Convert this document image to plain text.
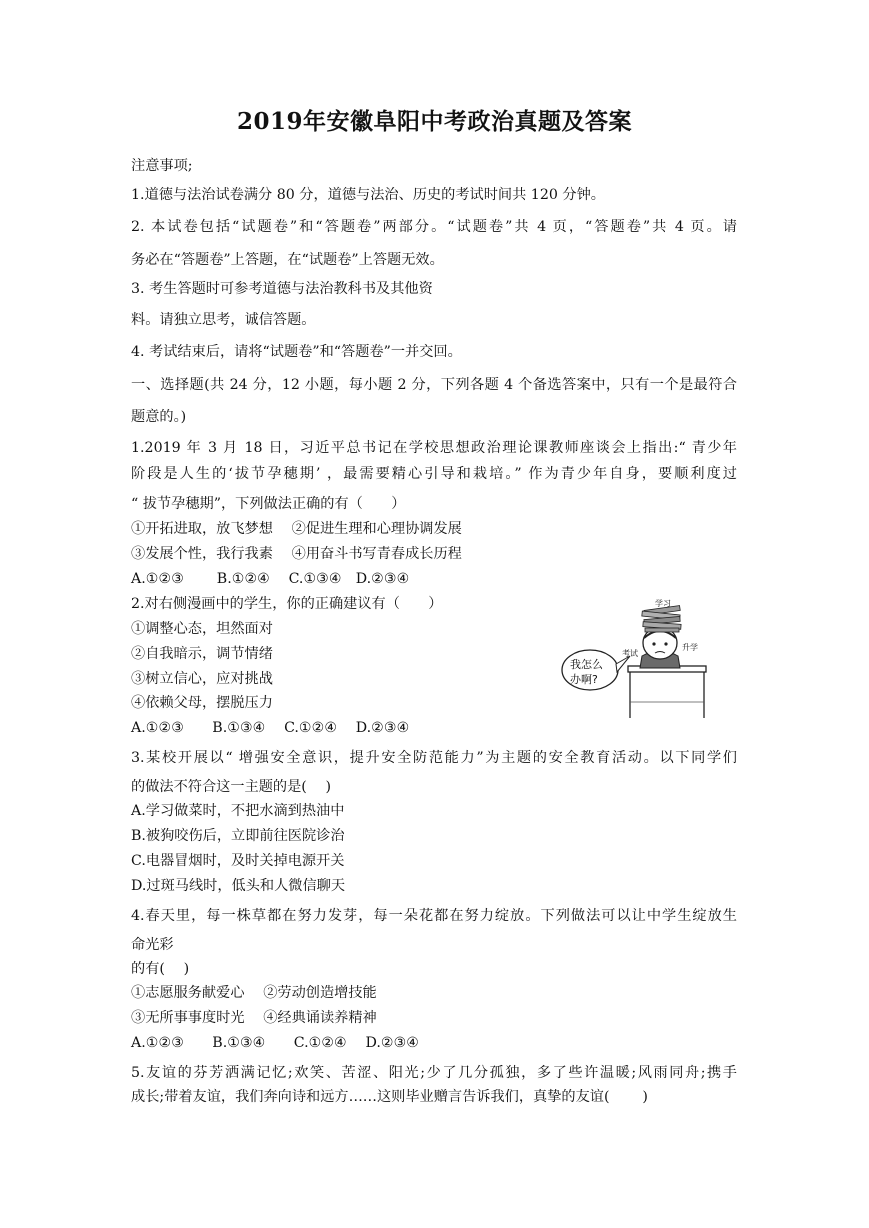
2019年安徽阜阳中考政治真题及答案
注意事项;
1.道德与法治试卷满分 80 分，道德与法治、历史的考试时间共 120 分钟。
2. 本试卷包括“试题卷”和“答题卷”两部分。“试题卷”共 4 页，“答题卷”共 4 页。请
务必在“答题卷”上答题，在“试题卷”上答题无效。
3. 考生答题时可参考道德与法治教科书及其他资
料。请独立思考，诚信答题。
4. 考试结束后，请将“试题卷”和“答题卷”一并交回。
一、选择题(共 24 分，12 小题，每小题 2 分，下列各题 4 个备选答案中，只有一个是最符合
题意的。)
1.2019 年 3 月 18 日，习近平总书记在学校思想政治理论课教师座谈会上指出:“ 青少年
阶段是人生的‘拔节孕穗期’ ，最需要精心引导和栽培。” 作为青少年自身，要顺利度过
“ 拔节孕穗期”，下列做法正确的有（　　）
①开拓进取，放飞梦想　 ②促进生理和心理协调发展
③发展个性，我行我素　 ④用奋斗书写青春成长历程
A.①②③　　 B.①②④　 C.①③④　D.②③④
2.对右侧漫画中的学生，你的正确建议有（　　）
①调整心态，坦然面对
②自我暗示，调节情绪
③树立信心，应对挑战
④依赖父母，摆脱压力
A.①②③　　B.①③④　 C.①②④　 D.②③④
学习
考试
升学
我怎么
办啊?
3.某校开展以“ 增强安全意识，提升安全防范能力”为主题的安全教育活动。以下同学们
的做法不符合这一主题的是(　 )
A.学习做菜时，不把水滴到热油中
B.被狗咬伤后，立即前往医院诊治
C.电器冒烟时，及时关掉电源开关
D.过斑马线时，低头和人微信聊天
4.春天里，每一株草都在努力发芽，每一朵花都在努力绽放。下列做法可以让中学生绽放生
命光彩
的有(　 )
①志愿服务献爱心　 ②劳动创造增技能
③无所事事度时光　 ④经典诵读养精神
A.①②③　　B.①③④　　C.①②④　 D.②③④
5.友谊的芬芳洒满记忆;欢笑、苦涩、阳光;少了几分孤独，多了些许温暖;风雨同舟;携手
成长;带着友谊，我们奔向诗和远方……这则毕业赠言告诉我们，真挚的友谊(　　 )
